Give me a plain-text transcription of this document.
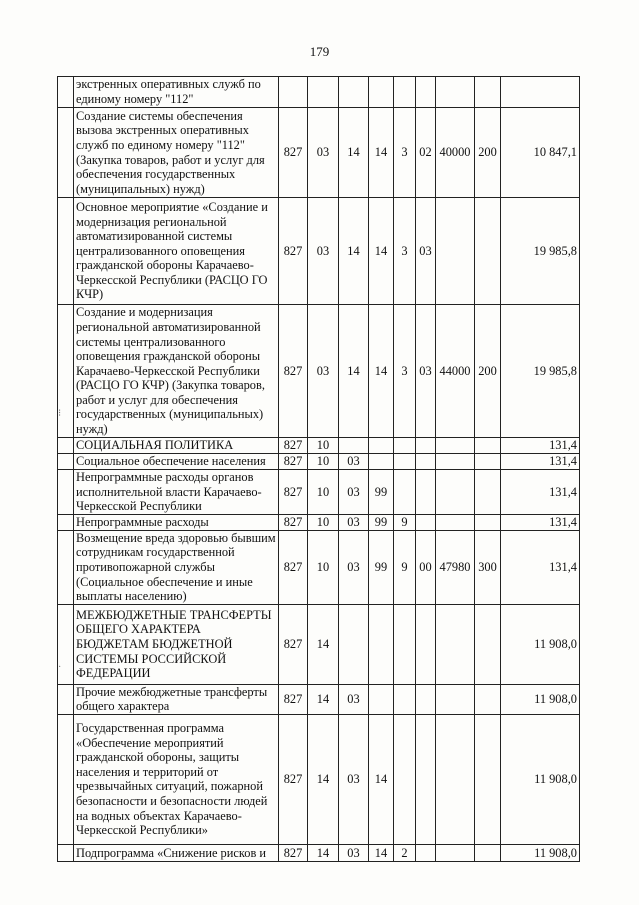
179
	экстренных оперативных служб по единому номеру "112"									
	Создание системы обеспечения вызова экстренных оперативных служб по единому номеру "112" (Закупка товаров, работ и услуг для обеспечения государственных (муниципальных) нужд)	827	03	14	14	3	02	40000	200	10 847,1
	Основное мероприятие «Создание и модернизация региональной автоматизированной системы централизованного оповещения гражданской обороны Карачаево-Черкесской Республики (РАСЦО ГО КЧР)	827	03	14	14	3	03			19 985,8
	Создание и модернизация региональной автоматизированной системы централизованного оповещения гражданской обороны Карачаево-Черкесской Республики (РАСЦО ГО КЧР) (Закупка товаров, работ и услуг для обеспечения государственных (муниципальных) нужд)	827	03	14	14	3	03	44000	200	19 985,8
	СОЦИАЛЬНАЯ ПОЛИТИКА	827	10							131,4
	Социальное обеспечение населения	827	10	03						131,4
	Непрограммные расходы органов исполнительной власти Карачаево-Черкесской Республики	827	10	03	99					131,4
	Непрограммные расходы	827	10	03	99	9				131,4
	Возмещение вреда здоровью бывшим сотрудникам государственной противопожарной службы (Социальное обеспечение и иные выплаты населению)	827	10	03	99	9	00	47980	300	131,4
	МЕЖБЮДЖЕТНЫЕ ТРАНСФЕРТЫ ОБЩЕГО ХАРАКТЕРА БЮДЖЕТАМ БЮДЖЕТНОЙ СИСТЕМЫ РОССИЙСКОЙ ФЕДЕРАЦИИ	827	14							11 908,0
	Прочие межбюджетные трансферты общего характера	827	14	03						11 908,0
	Государственная программа «Обеспечение мероприятий гражданской обороны, защиты населения и территорий от чрезвычайных ситуаций, пожарной безопасности и безопасности людей на водных объектах Карачаево-Черкесской Республики»	827	14	03	14					11 908,0
	Подпрограмма «Снижение рисков и	827	14	03	14	2				11 908,0
⁝
·
